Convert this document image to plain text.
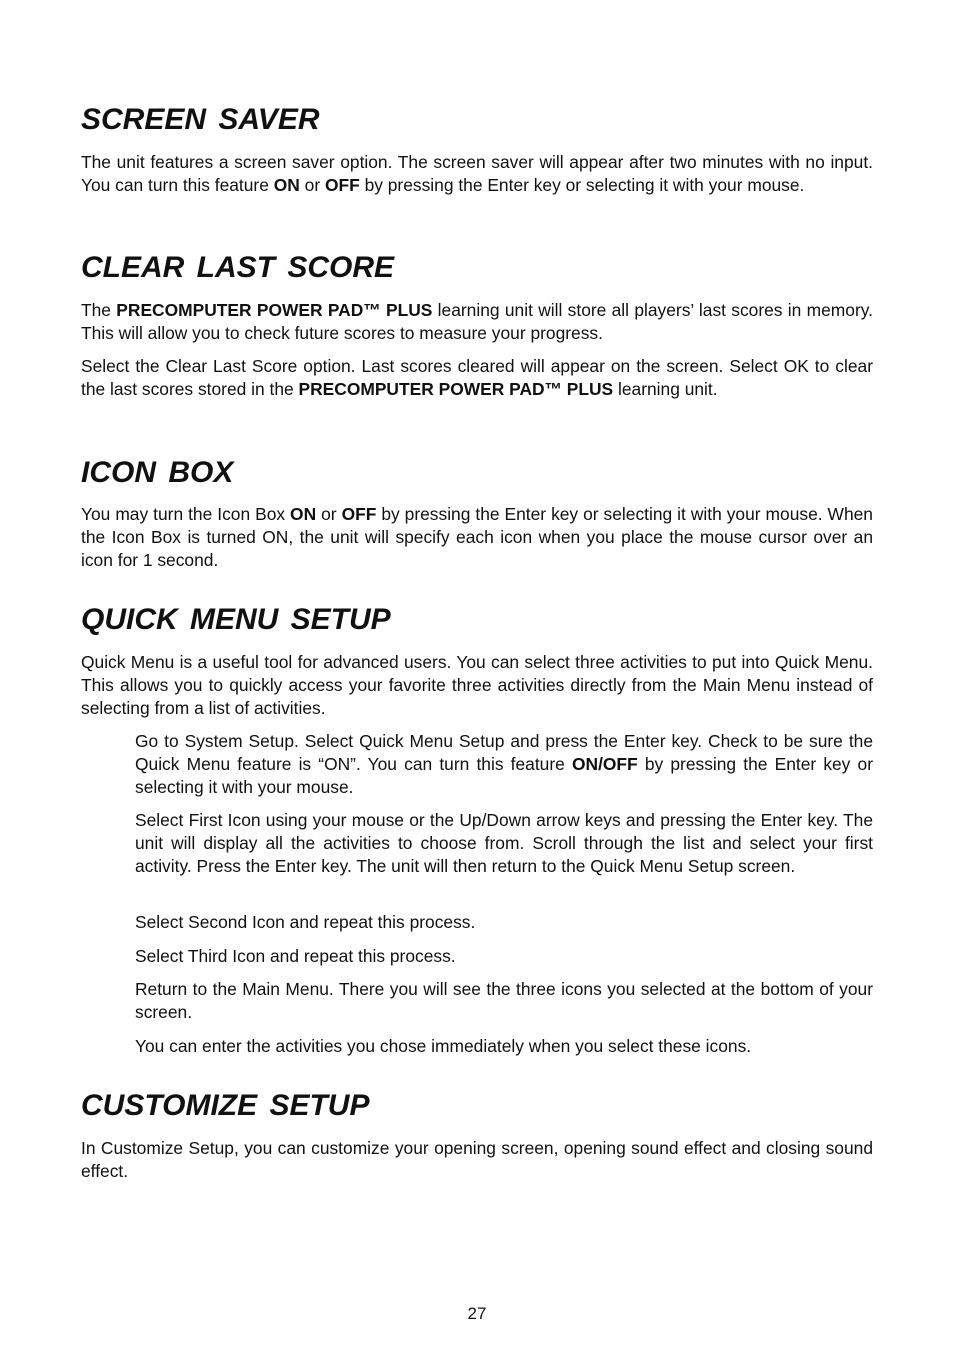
SCREEN SAVER

The unit features a screen saver option. The screen saver will appear after two minutes with no input. You can turn this feature ON or OFF by pressing the Enter key or selecting it with your mouse.

CLEAR LAST SCORE

The PRECOMPUTER POWER PAD™ PLUS learning unit will store all players’ last scores in memory. This will allow you to check future scores to measure your progress.

Select the Clear Last Score option. Last scores cleared will appear on the screen. Select OK to clear the last scores stored in the PRECOMPUTER POWER PAD™ PLUS learning unit.

ICON BOX

You may turn the Icon Box ON or OFF by pressing the Enter key or selecting it with your mouse. When the Icon Box is turned ON, the unit will specify each icon when you place the mouse cursor over an icon for 1 second.

QUICK MENU SETUP

Quick Menu is a useful tool for advanced users. You can select three activities to put into Quick Menu. This allows you to quickly access your favorite three activities directly from the Main Menu instead of selecting from a list of activities.

Go to System Setup. Select Quick Menu Setup and press the Enter key. Check to be sure the Quick Menu feature is “ON”. You can turn this feature ON/OFF by pressing the Enter key or selecting it with your mouse.

Select First Icon using your mouse or the Up/Down arrow keys and pressing the Enter key. The unit will display all the activities to choose from. Scroll through the list and select your first activity. Press the Enter key. The unit will then return to the Quick Menu Setup screen.

Select Second Icon and repeat this process.

Select Third Icon and repeat this process.

Return to the Main Menu. There you will see the three icons you selected at the bottom of your screen.

You can enter the activities you chose immediately when you select these icons.

CUSTOMIZE SETUP

In Customize Setup, you can customize your opening screen, opening sound effect and closing sound effect.

27
